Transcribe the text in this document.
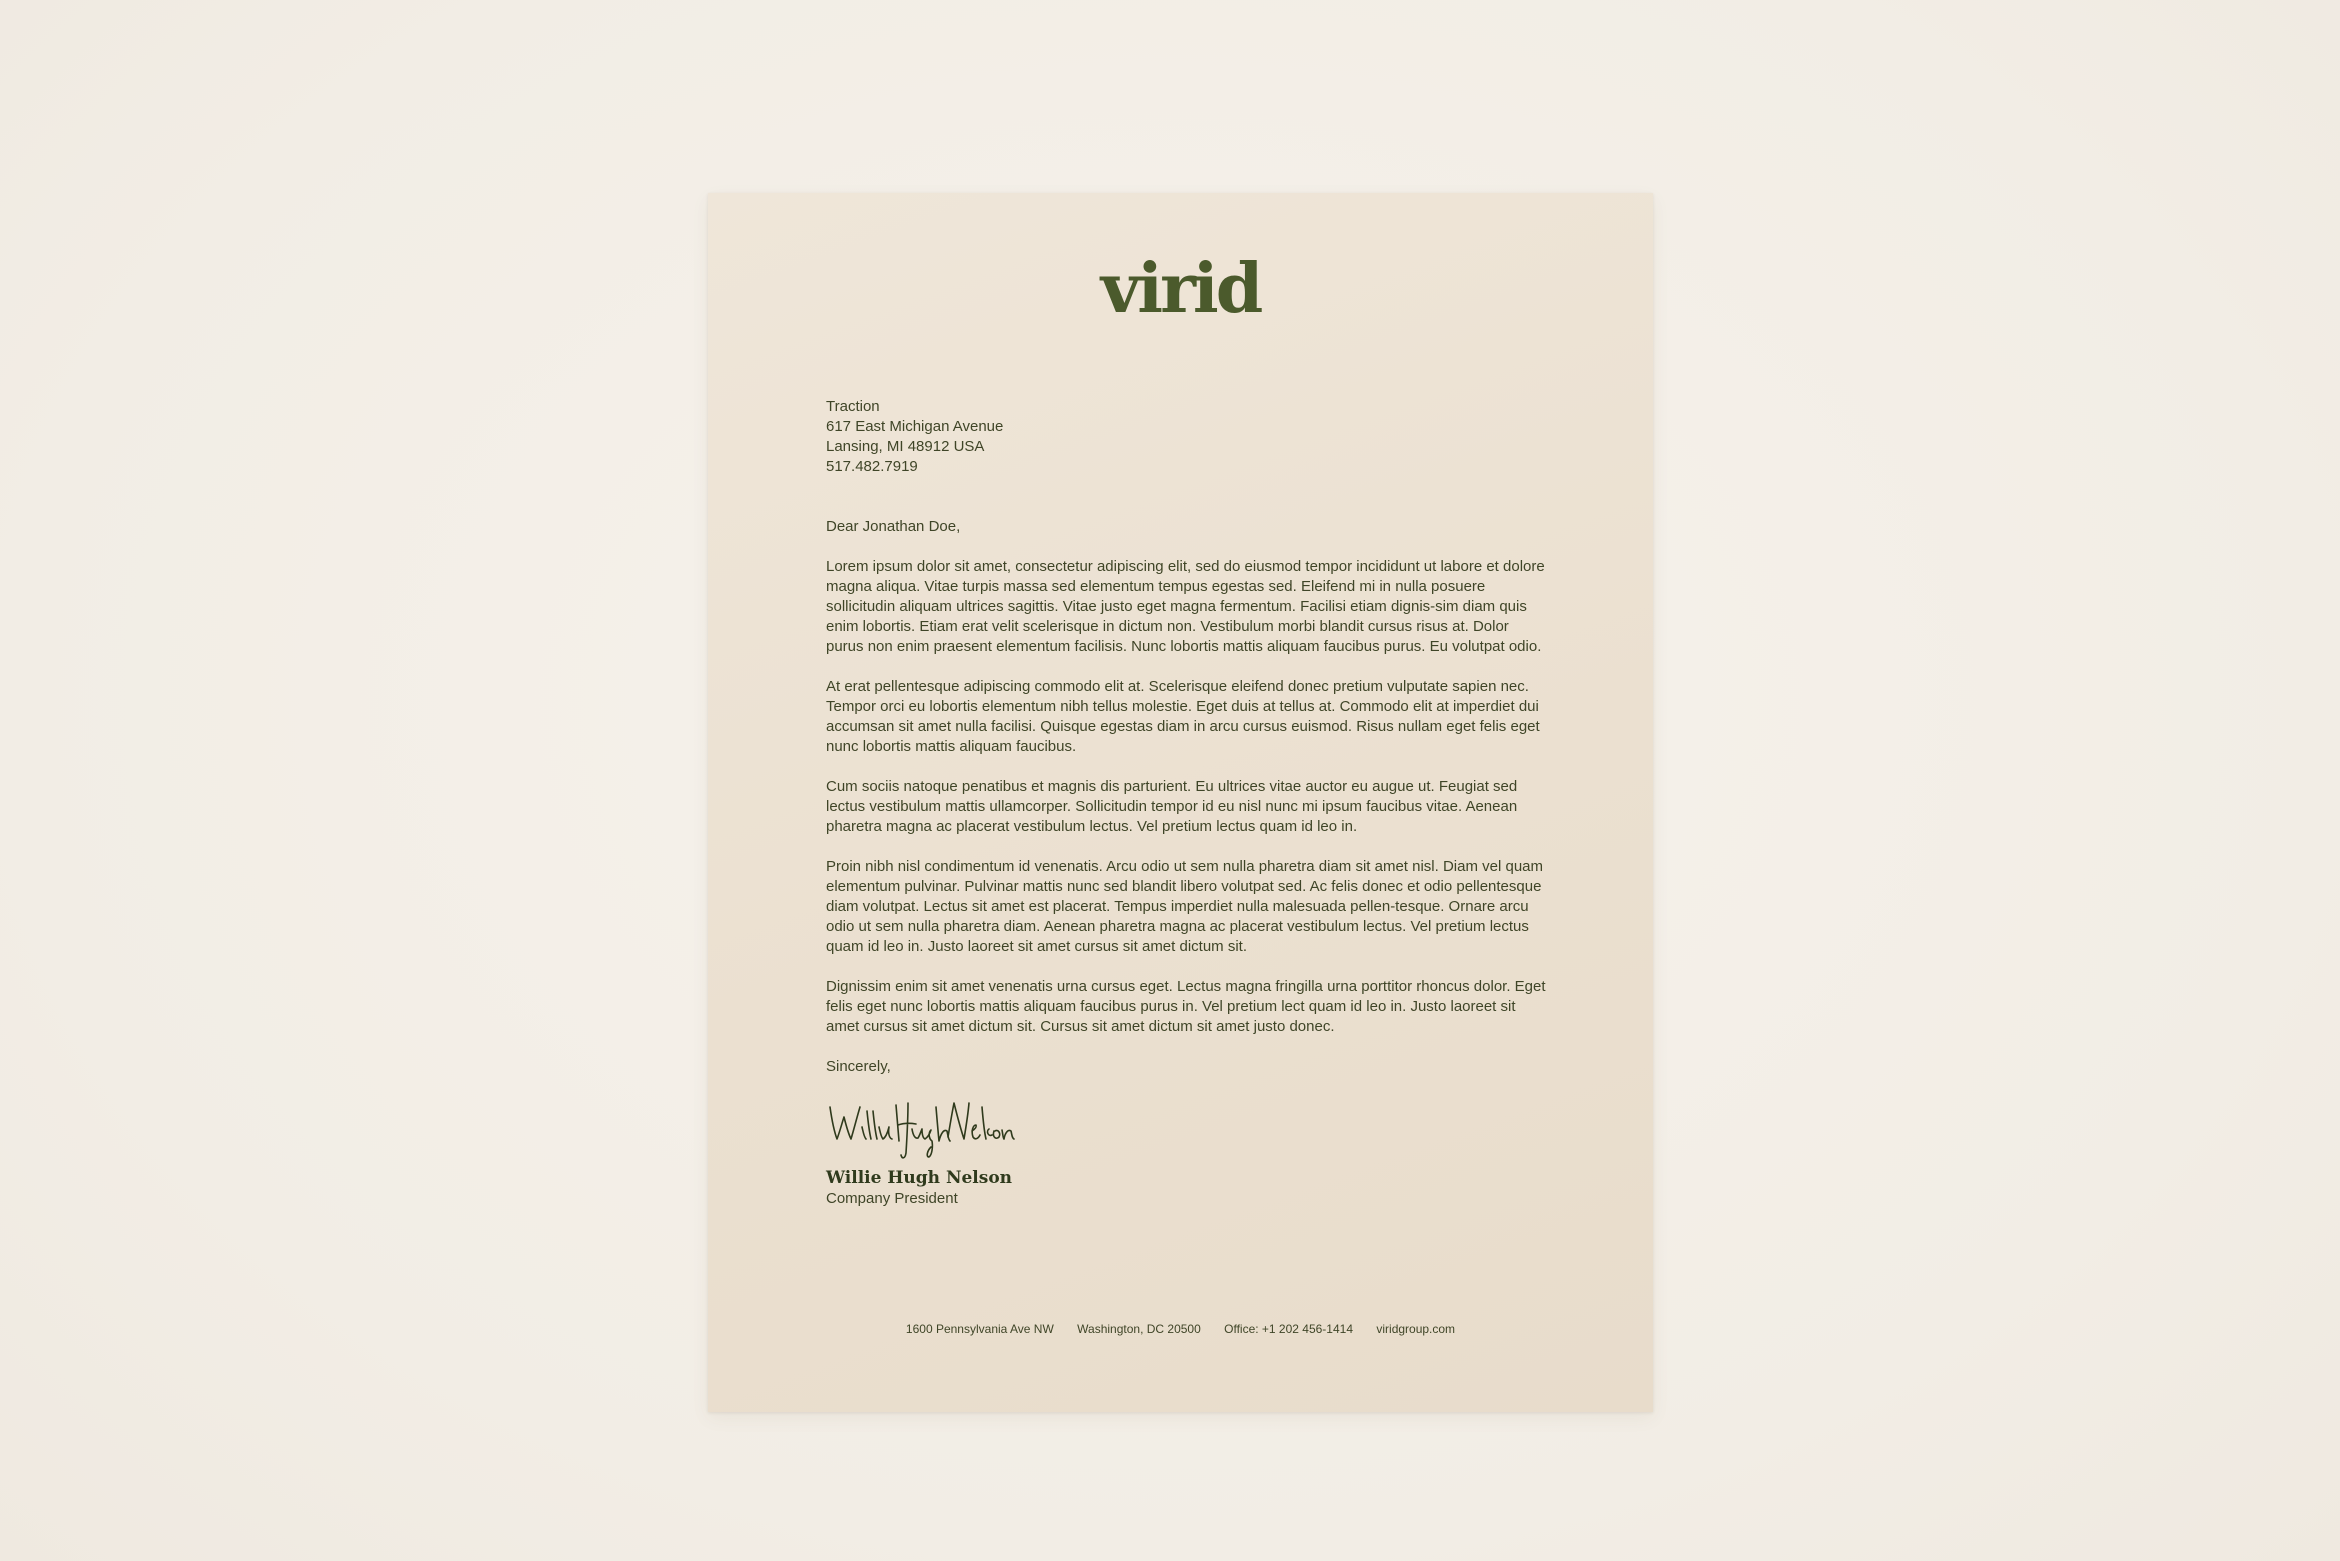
virid
Traction
617 East Michigan Avenue
Lansing, MI 48912 USA
517.482.7919
Dear Jonathan Doe,
Lorem ipsum dolor sit amet, consectetur adipiscing elit, sed do eiusmod tempor incididunt ut labore et dolore magna aliqua. Vitae turpis massa sed elementum tempus egestas sed. Eleifend mi in nulla posuere sollicitudin aliquam ultrices sagittis. Vitae justo eget magna fermentum. Facilisi etiam dignis-sim diam quis enim lobortis. Etiam erat velit scelerisque in dictum non. Vestibulum morbi blandit cursus risus at. Dolor purus non enim praesent elementum facilisis. Nunc lobortis mattis aliquam faucibus purus. Eu volutpat odio.
At erat pellentesque adipiscing commodo elit at. Scelerisque eleifend donec pretium vulputate sapien nec. Tempor orci eu lobortis elementum nibh tellus molestie. Eget duis at tellus at. Commodo elit at imperdiet dui accumsan sit amet nulla facilisi. Quisque egestas diam in arcu cursus euismod. Risus nullam eget felis eget nunc lobortis mattis aliquam faucibus.
Cum sociis natoque penatibus et magnis dis parturient. Eu ultrices vitae auctor eu augue ut. Feugiat sed lectus vestibulum mattis ullamcorper. Sollicitudin tempor id eu nisl nunc mi ipsum faucibus vitae. Aenean pharetra magna ac placerat vestibulum lectus. Vel pretium lectus quam id leo in.
Proin nibh nisl condimentum id venenatis. Arcu odio ut sem nulla pharetra diam sit amet nisl. Diam vel quam elementum pulvinar. Pulvinar mattis nunc sed blandit libero volutpat sed. Ac felis donec et odio pellentesque diam volutpat. Lectus sit amet est placerat. Tempus imperdiet nulla malesuada pellen-tesque. Ornare arcu odio ut sem nulla pharetra diam. Aenean pharetra magna ac placerat vestibulum lectus. Vel pretium lectus quam id leo in. Justo laoreet sit amet cursus sit amet dictum sit.
Dignissim enim sit amet venenatis urna cursus eget. Lectus magna fringilla urna porttitor rhoncus dolor. Eget felis eget nunc lobortis mattis aliquam faucibus purus in. Vel pretium lect quam id leo in. Justo laoreet sit amet cursus sit amet dictum sit. Cursus sit amet dictum sit amet justo donec.
Sincerely,
Willie Hugh Nelson
Company President
1600 Pennsylvania Ave NW Washington, DC 20500 Office: +1 202 456-1414 viridgroup.com
